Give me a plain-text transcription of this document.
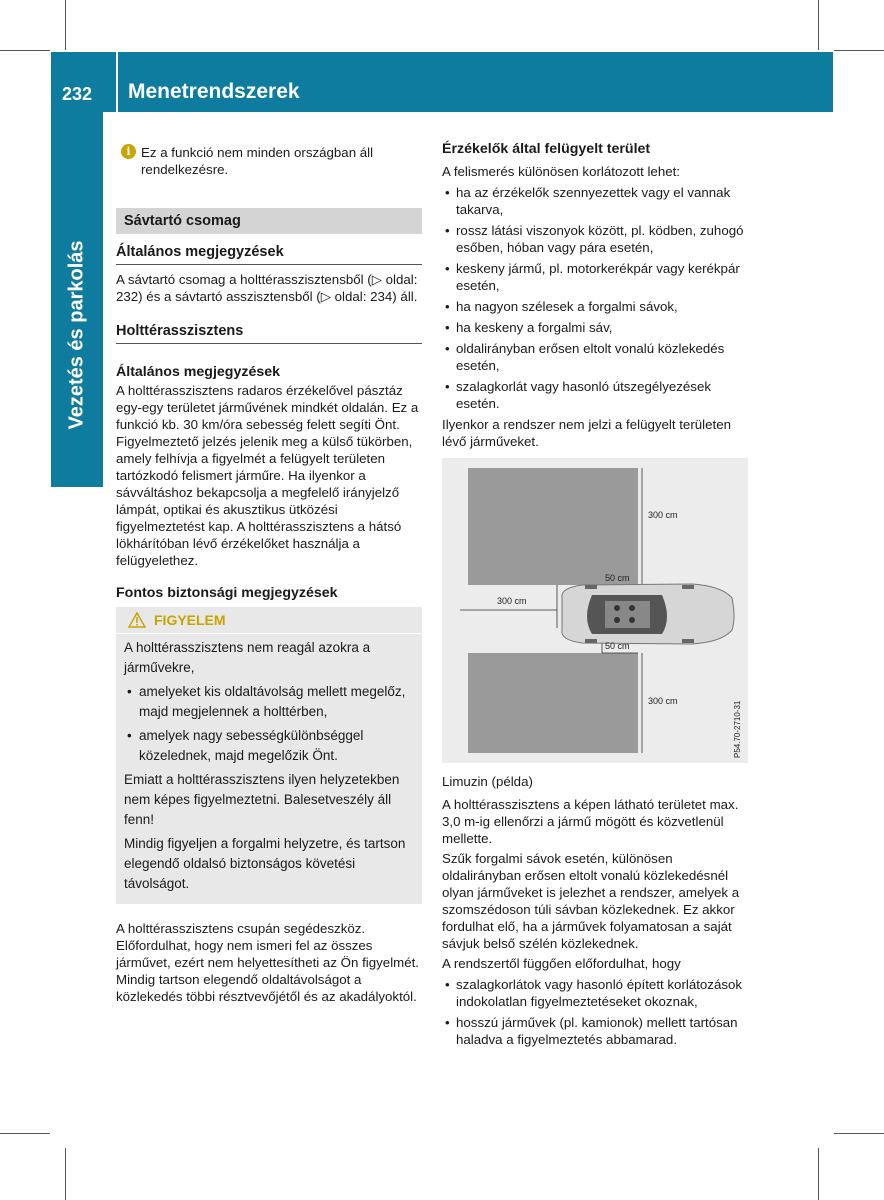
232 Menetrendszerek
Vezetés és parkolás
i Ez a funkció nem minden országban áll rendelkezésre.

Sávtartó csomag
Általános megjegyzések

A sávtartó csomag a holttérasszisztensből (▷ oldal: 232) és a sávtartó asszisztensből (▷ oldal: 234) áll.

Holttérasszisztens
Általános megjegyzések

A holttérasszisztens radaros érzékelővel pásztáz egy-egy területet járművének mindkét oldalán. Ez a funkció kb. 30 km/óra sebesség felett segíti Önt. Figyelmeztető jelzés jelenik meg a külső tükörben, amely felhívja a figyelmét a felügyelt területen tartózkodó felismert járműre. Ha ilyenkor a sávváltáshoz bekapcsolja a megfelelő irányjelző lámpát, optikai és akusztikus ütközési figyelmeztetést kap. A holttérasszisztens a hátsó lökhárítóban lévő érzékelőket használja a felügyelethez.

Fontos biztonsági megjegyzések
FIGYELEM

A holttérasszisztens nem reagál azokra a járművekre,

• amelyeket kis oldaltávolság mellett megelőz, majd megjelennek a holttérben,
• amelyek nagy sebességkülönbséggel közelednek, majd megelőzik Önt.

Emiatt a holttérasszisztens ilyen helyzetekben nem képes figyelmeztetni. Balesetveszély áll fenn!

Mindig figyeljen a forgalmi helyzetre, és tartson elegendő oldalsó biztonságos követési távolságot.

A holttérasszisztens csupán segédeszköz. Előfordulhat, hogy nem ismeri fel az összes járművet, ezért nem helyettesítheti az Ön figyelmét. Mindig tartson elegendő oldaltávolságot a közlekedés többi résztvevőjétől és az akadályoktól.

Érzékelők által felügyelt terület

A felismerés különösen korlátozott lehet:

• ha az érzékelők szennyezettek vagy el vannak takarva,
• rossz látási viszonyok között, pl. ködben, zuhogó esőben, hóban vagy pára esetén,
• keskeny jármű, pl. motorkerékpár vagy kerékpár esetén,
• ha nagyon szélesek a forgalmi sávok,
• ha keskeny a forgalmi sáv,
• oldalirányban erősen eltolt vonalú közlekedés esetén,
• szalagkorlát vagy hasonló útszegélyezések esetén.

Ilyenkor a rendszer nem jelzi a felügyelt területen lévő járműveket.

300 cm
50 cm
300 cm
50 cm
300 cm	P54.70-2710-31
Limuzin (példa)

A holttérasszisztens a képen látható területet max. 3,0 m-ig ellenőrzi a jármű mögött és közvetlenül mellette.

Szűk forgalmi sávok esetén, különösen oldalirányban erősen eltolt vonalú közlekedésnél olyan járműveket is jelezhet a rendszer, amelyek a szomszédoson túli sávban közlekednek. Ez akkor fordulhat elő, ha a járművek folyamatosan a saját sávjuk belső szélén közlekednek.

A rendszertől függően előfordulhat, hogy

• szalagkorlátok vagy hasonló épített korlátozások indokolatlan figyelmeztetéseket okoznak,
• hosszú járművek (pl. kamionok) mellett tartósan haladva a figyelmeztetés abbamarad.
